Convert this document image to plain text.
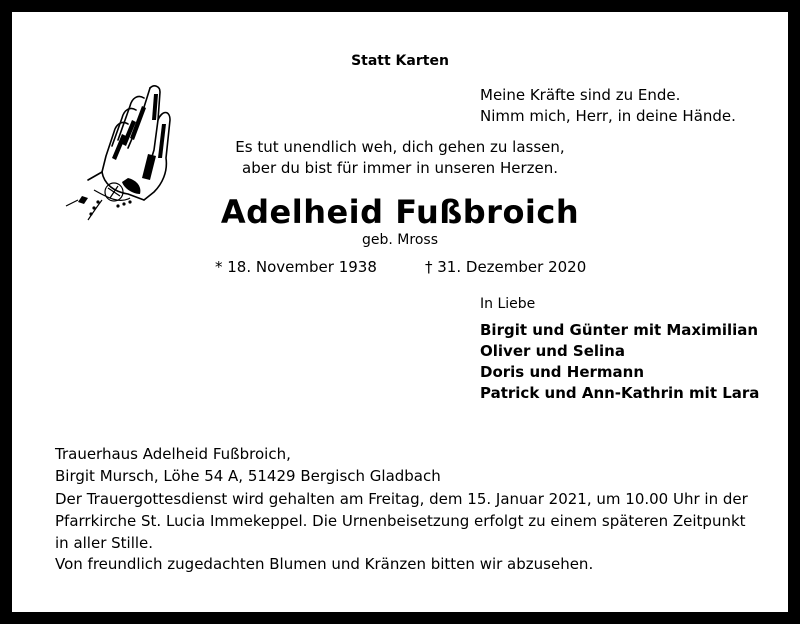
Statt Karten
Meine Kräfte sind zu Ende.
Nimm mich, Herr, in deine Hände.
Es tut unendlich weh, dich gehen zu lassen,
aber du bist für immer in unseren Herzen.
Adelheid Fußbroich
geb. Mross
* 18. November 1938	† 31. Dezember 2020
In Liebe
Birgit und Günter mit Maximilian
Oliver und Selina
Doris und Hermann
Patrick und Ann-Kathrin mit Lara
Trauerhaus Adelheid Fußbroich,
Birgit Mursch, Löhe 54 A, 51429 Bergisch Gladbach
Der Trauergottesdienst wird gehalten am Freitag, dem 15. Januar 2021, um 10.00 Uhr in der Pfarrkirche St. Lucia Immekeppel. Die Urnenbeisetzung erfolgt zu einem späteren Zeitpunkt in aller Stille.
Von freundlich zugedachten Blumen und Kränzen bitten wir abzusehen.
